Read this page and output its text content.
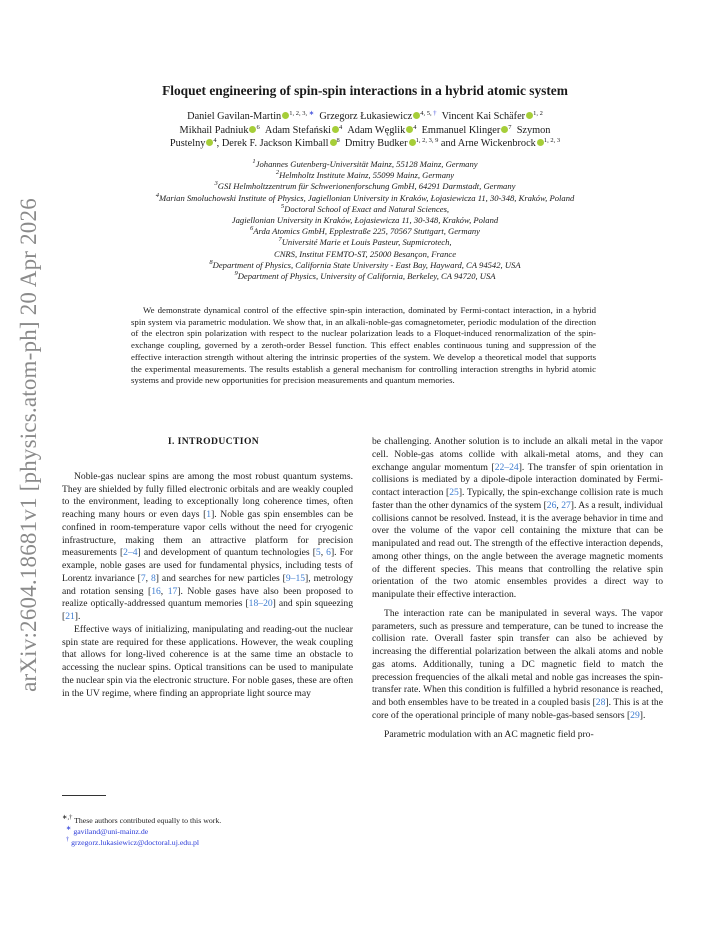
arXiv:2604.18681v1 [physics.atom-ph] 20 Apr 2026
Floquet engineering of spin-spin interactions in a hybrid atomic system
Daniel Gavilan-Martin $^{1, 2, 3, ∗}$ Grzegorz Łukasiewicz $^{4, 5, \dagger}$ Vincent Kai Schäfer $^{1, 2}$
Mikhail Padniuk $^6$ Adam Stefański $^4$ Adam Węglik $^4$ Emmanuel Klinger $^7$ Szymon
Pustelny $^4$, Derek F. Jackson Kimball $^8$ Dmitry Budker $^{1, 2, 3, 9}$ and Arne Wickenbrock $^{1, 2, 3}$
$^1$Johannes Gutenberg-Universität Mainz, 55128 Mainz, Germany
$^2$Helmholtz Institute Mainz, 55099 Mainz, Germany
$^3$GSI Helmholtzzentrum für Schwerionenforschung GmbH, 64291 Darmstadt, Germany
$^4$Marian Smoluchowski Institute of Physics, Jagiellonian University in Kraków, Łojasiewicza 11, 30-348, Kraków, Poland
$^5$Doctoral School of Exact and Natural Sciences,
Jagiellonian University in Kraków, Łojasiewicza 11, 30-348, Kraków, Poland
$^6$Arda Atomics GmbH, Epplestraße 225, 70567 Stuttgart, Germany
$^7$Université Marie et Louis Pasteur, Supmicrotech,
CNRS, Institut FEMTO-ST, 25000 Besançon, France
$^8$Department of Physics, California State University - East Bay, Hayward, CA 94542, USA
$^9$Department of Physics, University of California, Berkeley, CA 94720, USA
We demonstrate dynamical control of the effective spin-spin interaction, dominated by Fermi-contact interaction, in a hybrid spin system via parametric modulation. We show that, in an alkali-noble-gas comagnetometer, periodic modulation of the direction of the electron spin polarization with respect to the nuclear polarization leads to a Floquet-induced renormalization of the spin-exchange coupling, governed by a zeroth-order Bessel function. This effect enables continuous tuning and suppression of the effective interaction strength without altering the intrinsic properties of the system. We develop a theoretical model that supports the experimental measurements. The results establish a general mechanism for controlling interaction strengths in hybrid atomic systems and provide new opportunities for precision measurements and quantum memories.

I. INTRODUCTION

Noble-gas nuclear spins are among the most robust quantum systems. They are shielded by fully filled electronic orbitals and are weakly coupled to the environment, leading to exceptionally long coherence times, often reaching many hours or even days [1]. Noble gas spin ensembles can be confined in room-temperature vapor cells without the need for cryogenic infrastructure, making them an attractive platform for precision measurements [2–4] and development of quantum technologies [5, 6]. For example, noble gases are used for fundamental physics, including tests of Lorentz invariance [7, 8] and searches for new particles [9–15], metrology and rotation sensing [16, 17]. Noble gases have also been proposed to realize optically-addressed quantum memories [18–20] and spin squeezing [21].

Effective ways of initializing, manipulating and reading-out the nuclear spin state are required for these applications. However, the weak coupling that allows for long-lived coherence is at the same time an obstacle to accessing the nuclear spins. Optical transitions can be used to manipulate the nuclear spin via the electronic structure. For noble gases, these are often in the UV regime, where finding an appropriate light source may

be challenging. Another solution is to include an alkali metal in the vapor cell. Noble-gas atoms collide with alkali-metal atoms, and they can exchange angular momentum [22–24]. The transfer of spin orientation in collisions is mediated by a dipole-dipole interaction dominated by Fermi-contact interaction [25]. Typically, the spin-exchange collision rate is much faster than the other dynamics of the system [26, 27]. As a result, individual collisions cannot be resolved. Instead, it is the average behavior in time and over the volume of the vapor cell containing the mixture that can be manipulated and read out. The strength of the effective interaction depends, among other things, on the angle between the average magnetic moments of the different species. This means that controlling the relative spin orientation of the two atomic ensembles provides a direct way to manipulate their effective interaction.

The interaction rate can be manipulated in several ways. The vapor parameters, such as pressure and temperature, can be tuned to increase the collision rate. Overall faster spin transfer can also be achieved by increasing the differential polarization between the alkali atoms and noble gas atoms. Additionally, tuning a DC magnetic field to match the precession frequencies of the alkali metal and noble gas increases the spin-transfer rate. When this condition is fulfilled a hybrid resonance is reached, and both ensembles have to be treated in a coupled basis [28]. This is at the core of the operational principle of many noble-gas-based sensors [29].

Parametric modulation with an AC magnetic field pro-

∗,† These authors contributed equally to this work.
∗ gaviland@uni-mainz.de
† grzegorz.lukasiewicz@doctoral.uj.edu.pl
